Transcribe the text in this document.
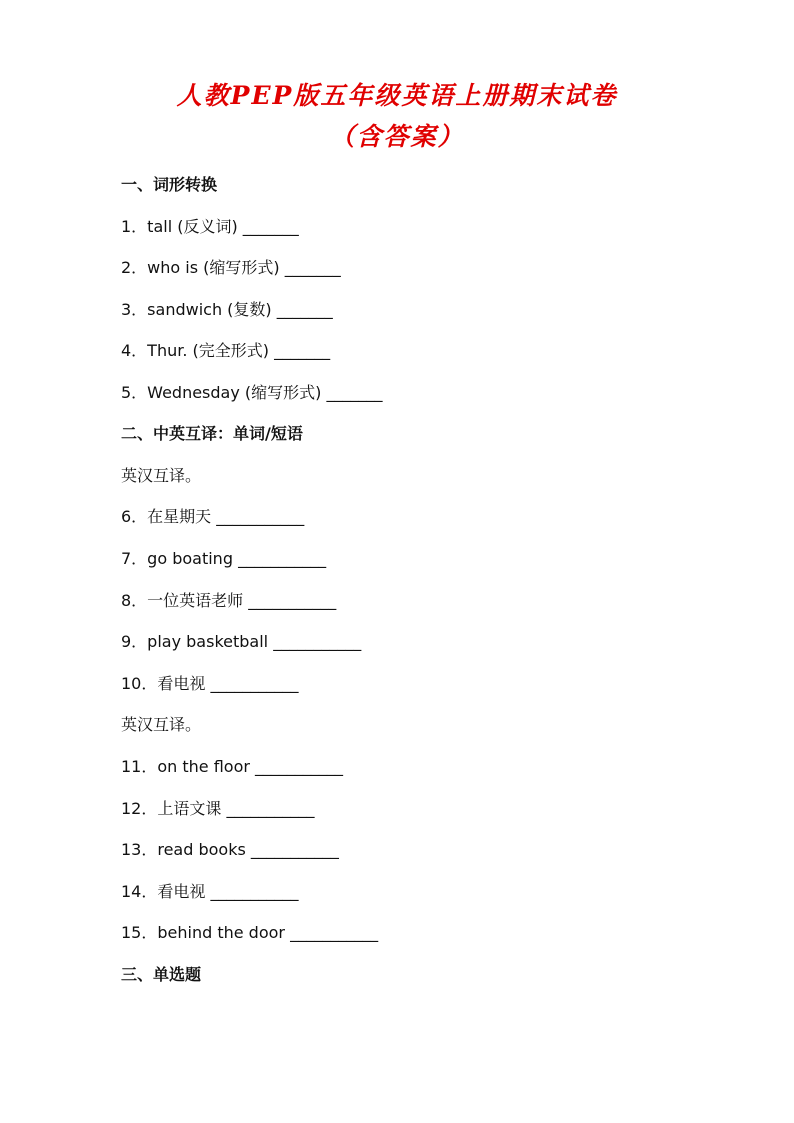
人教PEP版五年级英语上册期末试卷
（含答案）
一、词形转换
1．tall (反义词) _______
2．who is (缩写形式) _______
3．sandwich (复数) _______
4．Thur. (完全形式) _______
5．Wednesday (缩写形式) _______
二、中英互译：单词/短语
英汉互译。
6．在星期天 ___________
7．go boating ___________
8．一位英语老师 ___________
9．play basketball ___________
10．看电视 ___________
英汉互译。
11．on the floor ___________
12．上语文课 ___________
13．read books ___________
14．看电视 ___________
15．behind the door ___________
三、单选题
